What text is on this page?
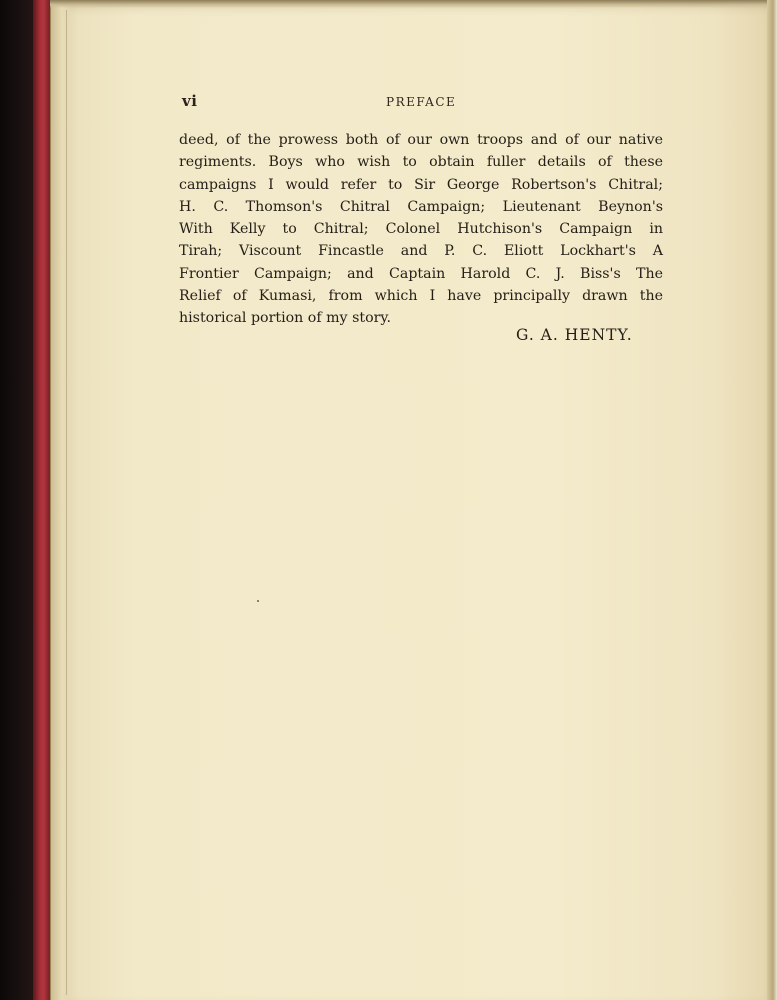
vi	PREFACE
deed, of the prowess both of our own troops and of our native
regiments. Boys who wish to obtain fuller details of these
campaigns I would refer to Sir George Robertson's Chitral;
H. C. Thomson's Chitral Campaign; Lieutenant Beynon's
With Kelly to Chitral; Colonel Hutchison's Campaign in
Tirah; Viscount Fincastle and P. C. Eliott Lockhart's A
Frontier Campaign; and Captain Harold C. J. Biss's The
Relief of Kumasi, from which I have principally drawn the
historical portion of my story.
G. A. HENTY.
